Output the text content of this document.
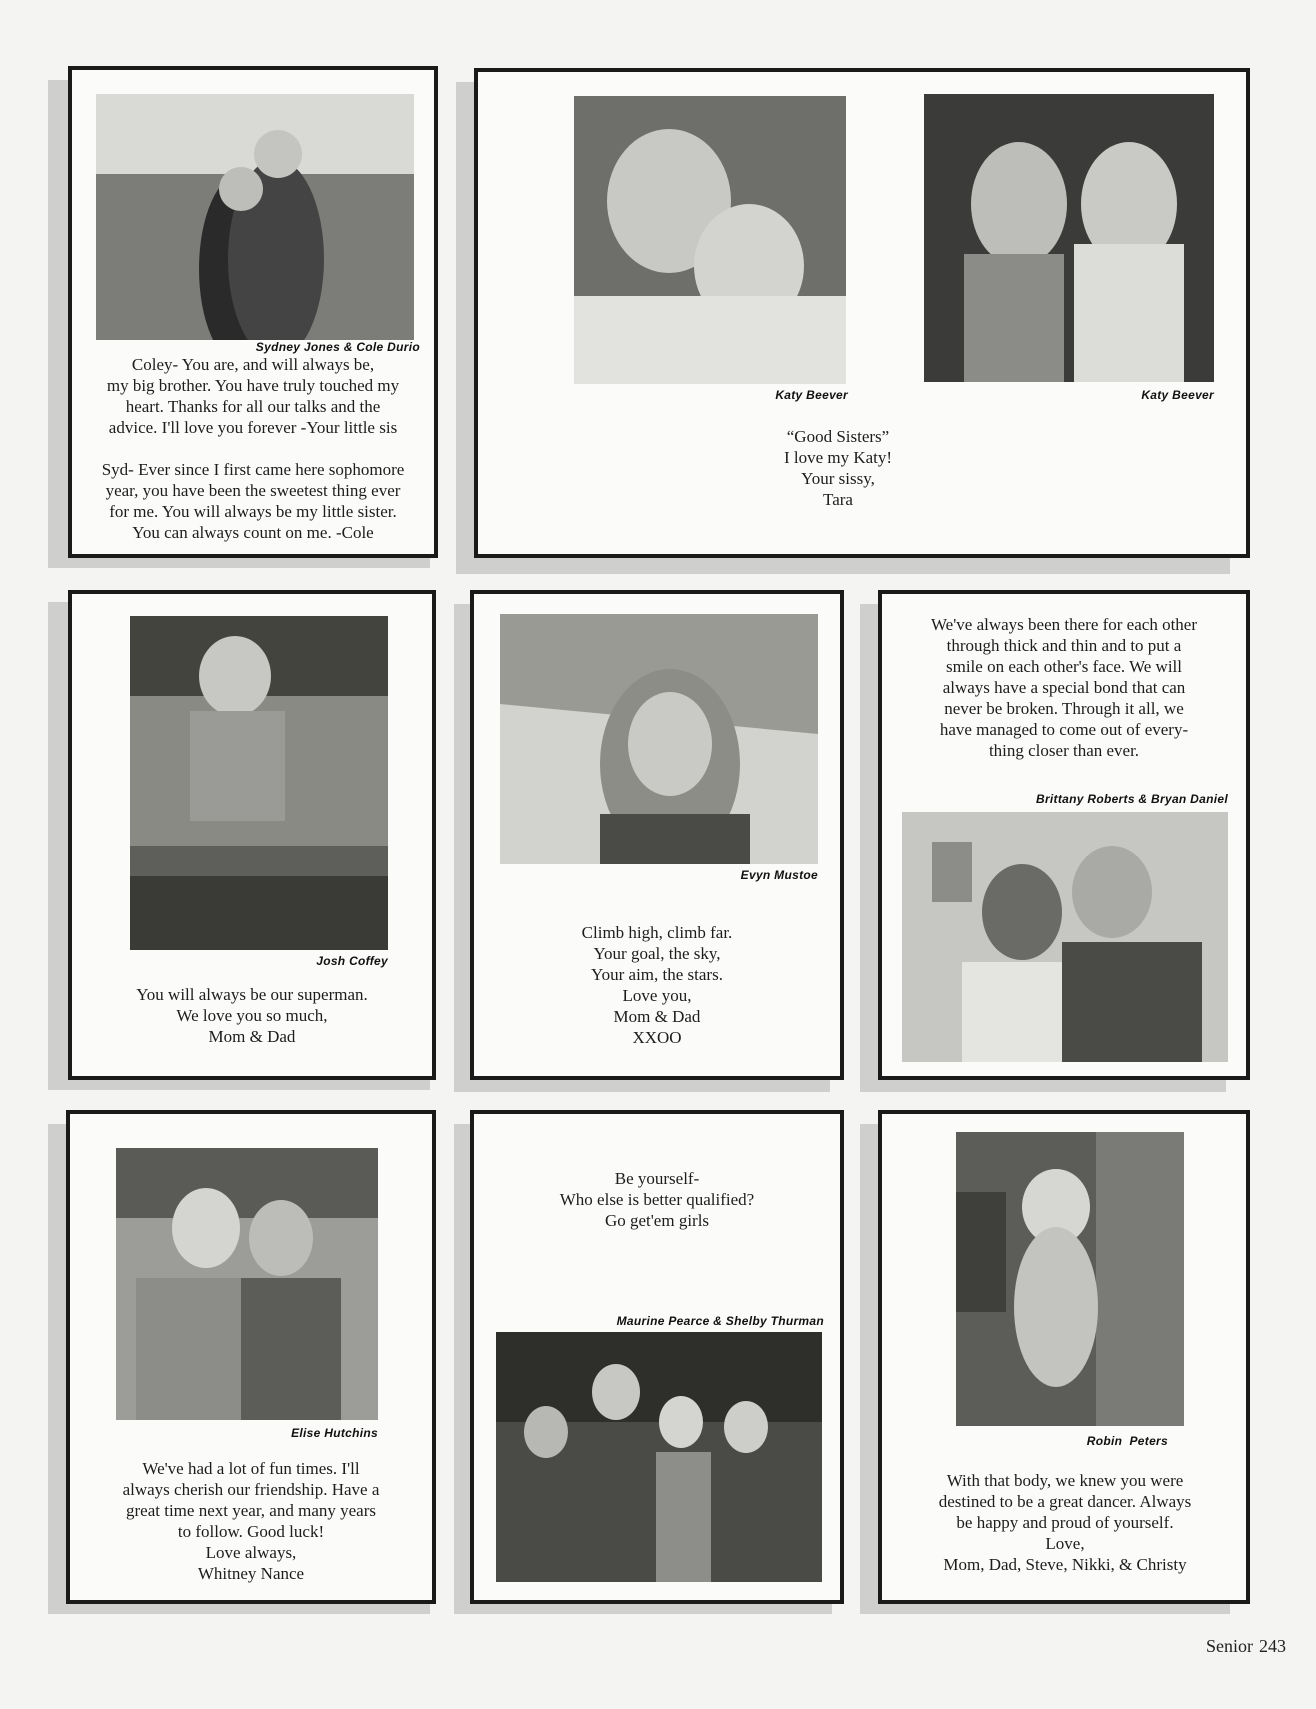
Sydney Jones & Cole Durio
Coley- You are, and will always be,
my big brother. You have truly touched my
heart. Thanks for all our talks and the
advice. I'll love you forever -Your little sis

Syd- Ever since I first came here sophomore
year, you have been the sweetest thing ever
for me. You will always be my little sister.
You can always count on me. -Cole
Katy Beever	Katy Beever
“Good Sisters”
I love my Katy!
Your sissy,
Tara
Josh Coffey
You will always be our superman.
We love you so much,
Mom & Dad
Evyn Mustoe
Climb high, climb far.
Your goal, the sky,
Your aim, the stars.
Love you,
Mom & Dad
XXOO
We've always been there for each other
through thick and thin and to put a
smile on each other's face. We will
always have a special bond that can
never be broken. Through it all, we
have managed to come out of every-
thing closer than ever.
Brittany Roberts & Bryan Daniel
Elise Hutchins
We've had a lot of fun times. I'll
always cherish our friendship. Have a
great time next year, and many years
to follow. Good luck!
Love always,
Whitney Nance
Be yourself-
Who else is better qualified?
Go get'em girls
Maurine Pearce & Shelby Thurman
Robin  Peters
With that body, we knew you were
destined to be a great dancer. Always
be happy and proud of yourself.
Love,
Mom, Dad, Steve, Nikki, & Christy
Senior 243
